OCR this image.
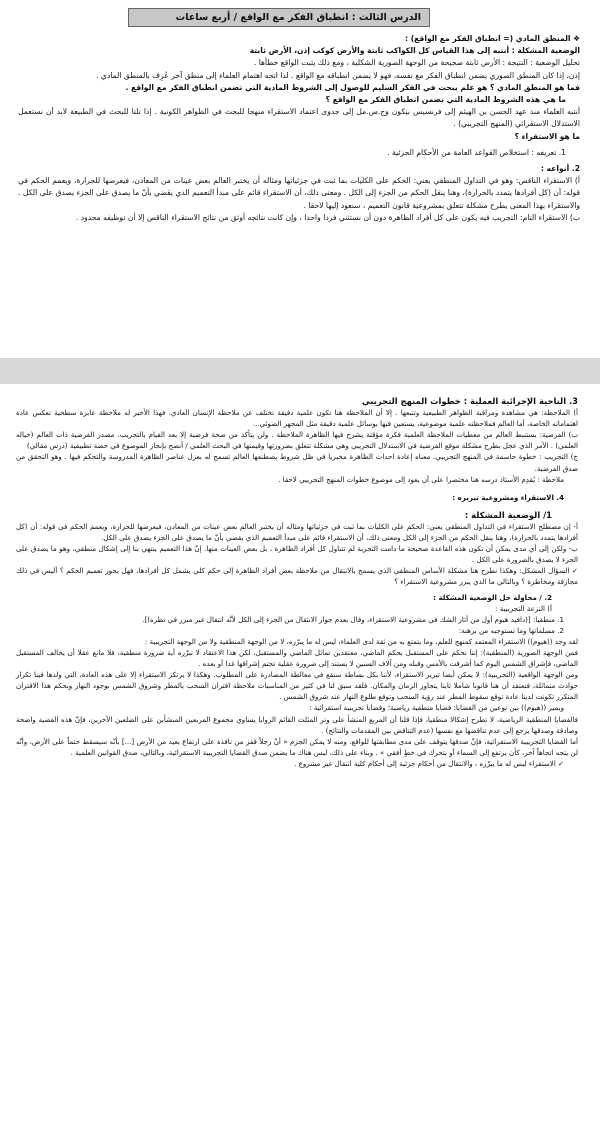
الدرس الثالث : انطباق الفكر مع الواقع / أربع ساعات

❖ المنطق المادي (= انطباق الفكر مع الواقع) :

الوضعية المشكلة : أنتبه إلى هذا القياس كل الكواكب ثابتة والأرض كوكب إذن، الأرض ثابتة

تحليل الوضعية : النتيجة : الأرض ثابتة صحيحة من الوجهة الصورية الشكلية ، ومع ذلك يثبت الواقع خطأها .

إذن، إذا كان المنطق الصوري يضمن انطباق الفكر مع نفسه، فهو لا يضمن انطباقه مع الواقع . لذا اتجه اهتمام العلماء إلى منطق آخر عُرِف بالمنطق المادي .

فما هو المنطق المادي ؟ هو علم يبحث في الفكر السليم للوصول إلى الشروط المادية التي تضمن انطباق الفكر مع الواقع .

ما هي هذه الشروط المادية التي تضمن انطباق الفكر مع الواقع ؟

أنتبه العلماء منذ عهد الحسن بن الهيثم إلى فرنسيس بيكون وج.س.مل إلى جدوى اعتماد الاستقراء منهجا للبحث في الظواهر الكونية . إذا تلتا للبحث في الطبيعة لابد أن نستعمل الاستدلال الاستقرائي (المنهج التجريبي) .

ما هو الاستقراء ؟

1. تعريفه : استخلاص القواعد العامة من الأحكام الجزئية .

2. أنواعه :

أ) الاستقراء الناقص: وهو في التداول المنطقي يعني: الحكم على الكليات بما ثبت في جزئياتها ومثاله أن يختبر العالم بعض عينات من المعادن، فيعرضها للحرارة، ويعمم الحكم في قوله: أن (كل أفرادها يتمدد بالحرارة)، وهنا ينقل الحكم من الجزء إلى الكل . ومعنى ذلك، أن الاستقراء قائم على مبدأ التعميم الذي يقضي بأنّ ما يصدق على الجزء يصدق على الكل . والاستقراء بهذا المعنى يطرح مشكلة تتعلق بمشروعية قانون التعميم ، سنعود إليها لاحقا .

ب) الاستقراء التام: التجريب فيه يكون على كل أفراد الظاهرة دون أن نستثني فردا واحدا ، وإن كانت نتائجه أوثق من نتائج الاستقراء الناقص إلا أن توظيفه محدود .

3. الناحية الإجرائية العملية : خطوات المنهج التجريبي

أ) الملاحظة: هي مشاهدة ومراقبة الظواهر الطبيعية وتتبعها . إلا أن الملاحظة هنا تكون علمية دقيقة تختلف عن ملاحظة الإنسان العادي. فهذا الأخير له ملاحظة عابرة سطحية تعكس عادة اهتماماته الخاصة، أما العالم فملاحظته علمية موضوعية، يستعين فيها بوسائل علمية دقيقة مثل المجهر الضوئي...

ب) الفرضية: يستنبط العالم من معطيات الملاحظة العلمية فكرة مؤقتة يشرح فيها الظاهرة الملاحظة . ولن يتأكد من صحة فرضية إلا بعد القيام بالتجريب. مصدر الفرضية ذات العالم (خياله العلمي) . الأمر الذي عجل بطرح مشكلة موقع الفرضية في الاستدلال التجريبي وهي مشكلة تتعلق بضرورتها وقيمتها في البحث العلمي / أنصح بإنجاز الموضوع في حصة تطبيقية (درس مقالي)

ج) التجريب : خطوة حاسمة في المنهج التجريبي. معناه إعادة احداث الظاهرة مخبريا في ظل شروط يصطنعها العالم تسمح له بعزل عناصر الظاهرة المدروسة والتحكم فيها . وهو التحقق من صدق الفرضية.

ملاحظة : يُقدِم الأستاذ درسه هنا مختصرا على أن يعود إلى موضوع خطوات المنهج التجريبي لاحقا .

4. الاستقراء ومشروعية تبريره :

1/ الوضعية المشكلة :

أ- إن مصطلح الاستقراء في التداول المنطقي يعني: الحكم على الكليات بما ثبت في جزئياتها ومثاله أن يختبر العالم بعض عينات من المعادن، فيعرضها للحرارة، ويعمم الحكم في قوله: أن (كل أفرادها يتمدد بالحرارة)، وهنا ينقل الحكم من الجزء إلى الكل ومعنى ذلك، أن الاستقراء قائم على مبدأ التعميم الذي يقضي بأنّ ما يصدق على الجزء يصدق على الكل.

ب- ولكن إلى أي مدى يمكن أن تكون هذه القاعدة صحيحة ما دامت التجربة لم تتناول كل أفراد الظاهرة ، بل بعض العينات منها. إنّ هذا التعميم ينتهي بنا إلى إشكال منطقي، وهو ما يصدق على الجزء لا يصدق بالضرورة على الكل .

✓ السؤال المشكل: وهكذا نطرح هنا مشكلة الأساس المنطقي الذي يسمح بالانتقال من ملاحظة بعض أفراد الظاهرة إلى حكم كلي يشمل كل أفرادها، فهل يجوز تعميم الحكم ؟ أليس في ذلك مجازفة ومخاطرة ؟ وبالتالي ما الذي يبرر مشروعية الاستقراء ؟

2. / محاولة حل الوضعية المشكلة :

أ) النزعة التجريبية :

1. منطقيا: [(دافيد هيوم أول من أثار الشك في مشروعية الاستقراء، وقال بعدم جواز الانتقال من الجزء إلى الكل لأنّه انتقال غير مبرر في نظره)].

2. مسلماتها وما تستوجبه من برهنة:

لقد وجد ((هيوم)) الاستقراء المعتمد كمنهج للعلم، وما يتمتع به من ثقة لدى العلماء، ليس له ما يبرّره، لا من الوجهة المنطقية ولا من الوجهة التجريبية :

فمن الوجهة الصورية (المنطقية): إننا نحكم على المستقبل بحكم الماضي، معتقدين تماثل الماضي والمستقبل، لكن هذا الاعتقاد لا تبرّره أية ضرورة منطقية، فلا مانع عقلا أن يخالف المستقبل الماضي، فإشراق الشمس اليوم كما أشرقت بالأمس وقبله ومن آلاف السنين لا يستند إلى ضرورة عقلية تحتم إشراقها غدا أو بعده .

ومن الوجهة الواقعية (التجريبية): لا يمكن أيضا تبرير الاستقراء، لأننا بكل بساطة سنقع في مغالطة المصادرة على المطلوب. وهكذا لا يرتكز الاستقراء إلا على هذه العادة، التي ولدها فينا تكرار حوادث متماثلة، فنعتقد أن هنا قانونا شاملا ثابتا يتجاوز الزمان والمكان. فلقد سبق لنا في كثير من المناسبات ملاحظة اقتران السحب بالمطر وشروق الشمس بوجود النهار وبحكم هذا الاقتران المتكرر تكونت لدينا عادة توقع سقوط المطر عند رؤية السحب وتوقع طلوع النهار عند شروق الشمس .

ويميز ((هيوم)) بين نوعين من القضايا: قضايا منطقية رياضية؛ وقضايا تجريبية استقرائية :

فالقضايا المنطقية الرياضية، لا تطرح إشكالا منطقيا، فإذا قلنا أن المربع المنشأ على وتر المثلث القائم الزوايا يساوي مجموع المربعين المنشأين على الضلعين الآخرين، فإنّ هذه القضية واضحة وصادقة وصدقها يرجع إلى عدم تناقضها مع نفسها (عدم التناقض بين المقدمات والنتائج) .

أما القضايا التجريبية الاستقرائية، فإنّ صدقها يتوقف على مدى مطابقتها للواقع. ومنه لا يمكن الجزم « أنّ رجلاً قفز من نافذة على ارتفاع بعيد من الأرض [...] بأنّه سيسقط حتماً على الأرض، وأنّه لن يتجه اتجاهاً آخر، كأن يرتفع إلى السماء أو يتحرك في خطٍ أفقي » . وبناء على ذلك، ليس هناك ما يضمن صدق القضايا التجريبية الاستقرائية، وبالتالي، صدق القوانين العلمية .

✓ الاستقراء ليس له ما يبرّره ، والانتقال من أحكام جزئية إلى أحكام كلية انتقال غير مشروع .
